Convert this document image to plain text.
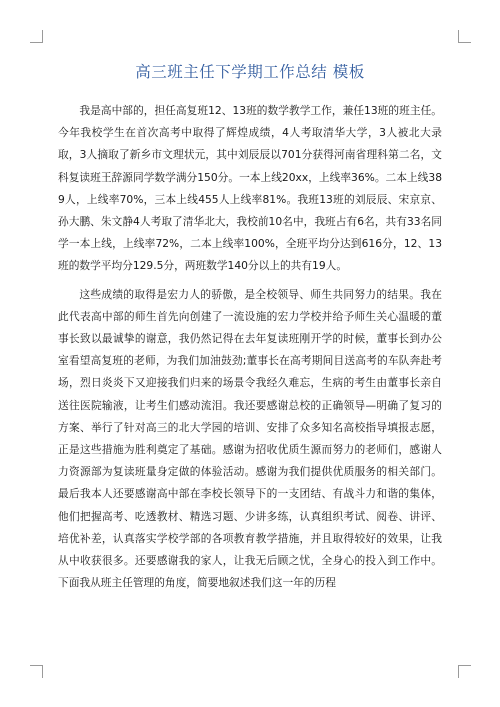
高三班主任下学期工作总结 模板

我是高中部的，担任高复班12、13班的数学教学工作，兼任13班的班主任。今年我校学生在首次高考中取得了辉煌成绩，4人考取清华大学，3人被北大录取，3人摘取了新乡市文理状元，其中刘辰辰以701分获得河南省理科第二名，文科复读班王辞源同学数学满分150分。一本上线20xx，上线率36%。二本上线389人，上线率70%，三本上线455人上线率81%。我班13班的刘辰辰、宋京京、孙大鹏、朱文静4人考取了清华北大，我校前10名中，我班占有6名，共有33名同学一本上线，上线率72%，二本上线率100%，全班平均分达到616分，12、13班的数学平均分129.5分，两班数学140分以上的共有19人。

这些成绩的取得是宏力人的骄傲，是全校领导、师生共同努力的结果。我在此代表高中部的师生首先向创建了一流设施的宏力学校并给予师生关心温暖的董事长致以最诚挚的谢意，我仍然记得在去年复读班刚开学的时候，董事长到办公室看望高复班的老师，为我们加油鼓劲;董事长在高考期间目送高考的车队奔赴考场，烈日炎炎下又迎接我们归来的场景令我经久难忘，生病的考生由董事长亲自送往医院输液，让考生们感动流泪。我还要感谢总校的正确领导—明确了复习的方案、举行了针对高三的北大学园的培训、安排了众多知名高校指导填报志愿，正是这些措施为胜利奠定了基础。感谢为招收优质生源而努力的老师们，感谢人力资源部为复读班量身定做的体验活动。感谢为我们提供优质服务的相关部门。最后我本人还要感谢高中部在李校长领导下的一支团结、有战斗力和谐的集体，他们把握高考、吃透教材、精选习题、少讲多练，认真组织考试、阅卷、讲评、培优补差，认真落实学校学部的各项教育教学措施，并且取得较好的效果，让我从中收获很多。还要感谢我的家人，让我无后顾之忧，全身心的投入到工作中。下面我从班主任管理的角度，简要地叙述我们这一年的历程
